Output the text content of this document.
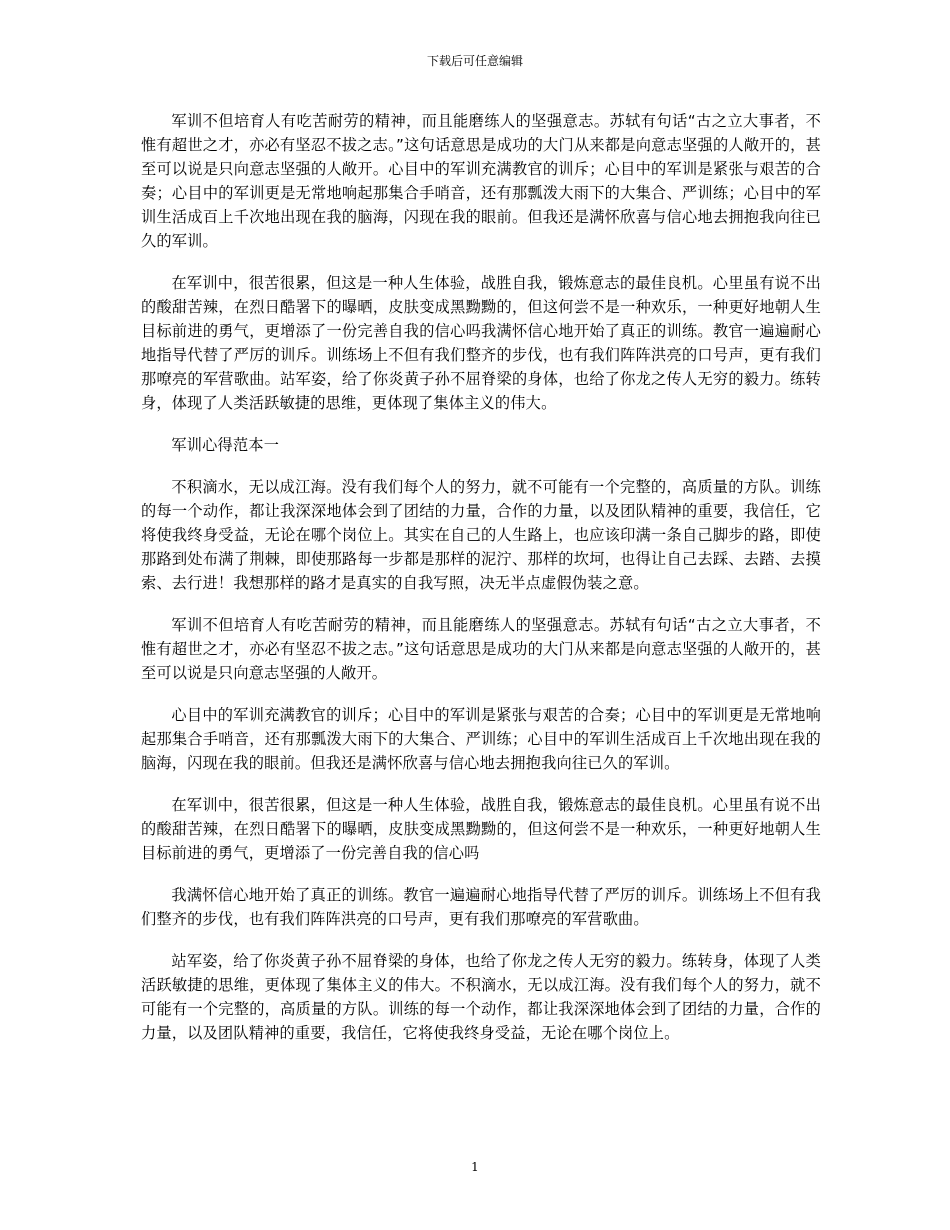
下载后可任意编辑

军训不但培育人有吃苦耐劳的精神，而且能磨练人的坚强意志。苏轼有句话“古之立大事者，不惟有超世之才，亦必有坚忍不拔之志。”这句话意思是成功的大门从来都是向意志坚强的人敞开的，甚至可以说是只向意志坚强的人敞开。心目中的军训充满教官的训斥；心目中的军训是紧张与艰苦的合奏；心目中的军训更是无常地响起那集合手哨音，还有那瓢泼大雨下的大集合、严训练；心目中的军训生活成百上千次地出现在我的脑海，闪现在我的眼前。但我还是满怀欣喜与信心地去拥抱我向往已久的军训。

在军训中，很苦很累，但这是一种人生体验，战胜自我，锻炼意志的最佳良机。心里虽有说不出的酸甜苦辣，在烈日酷署下的曝晒，皮肤变成黑黝黝的，但这何尝不是一种欢乐，一种更好地朝人生目标前进的勇气，更增添了一份完善自我的信心吗我满怀信心地开始了真正的训练。教官一遍遍耐心地指导代替了严厉的训斥。训练场上不但有我们整齐的步伐，也有我们阵阵洪亮的口号声，更有我们那嘹亮的军营歌曲。站军姿，给了你炎黄子孙不屈脊梁的身体，也给了你龙之传人无穷的毅力。练转身，体现了人类活跃敏捷的思维，更体现了集体主义的伟大。

军训心得范本一

不积滴水，无以成江海。没有我们每个人的努力，就不可能有一个完整的，高质量的方队。训练的每一个动作，都让我深深地体会到了团结的力量，合作的力量，以及团队精神的重要，我信任，它将使我终身受益，无论在哪个岗位上。其实在自己的人生路上，也应该印满一条自己脚步的路，即使那路到处布满了荆棘，即使那路每一步都是那样的泥泞、那样的坎坷，也得让自己去踩、去踏、去摸索、去行进！我想那样的路才是真实的自我写照，决无半点虚假伪装之意。

军训不但培育人有吃苦耐劳的精神，而且能磨练人的坚强意志。苏轼有句话“古之立大事者，不惟有超世之才，亦必有坚忍不拔之志。”这句话意思是成功的大门从来都是向意志坚强的人敞开的，甚至可以说是只向意志坚强的人敞开。

心目中的军训充满教官的训斥；心目中的军训是紧张与艰苦的合奏；心目中的军训更是无常地响起那集合手哨音，还有那瓢泼大雨下的大集合、严训练；心目中的军训生活成百上千次地出现在我的脑海，闪现在我的眼前。但我还是满怀欣喜与信心地去拥抱我向往已久的军训。

在军训中，很苦很累，但这是一种人生体验，战胜自我，锻炼意志的最佳良机。心里虽有说不出的酸甜苦辣，在烈日酷署下的曝晒，皮肤变成黑黝黝的，但这何尝不是一种欢乐，一种更好地朝人生目标前进的勇气，更增添了一份完善自我的信心吗

我满怀信心地开始了真正的训练。教官一遍遍耐心地指导代替了严厉的训斥。训练场上不但有我们整齐的步伐，也有我们阵阵洪亮的口号声，更有我们那嘹亮的军营歌曲。

站军姿，给了你炎黄子孙不屈脊梁的身体，也给了你龙之传人无穷的毅力。练转身，体现了人类活跃敏捷的思维，更体现了集体主义的伟大。不积滴水，无以成江海。没有我们每个人的努力，就不可能有一个完整的，高质量的方队。训练的每一个动作，都让我深深地体会到了团结的力量，合作的力量，以及团队精神的重要，我信任，它将使我终身受益，无论在哪个岗位上。

1
